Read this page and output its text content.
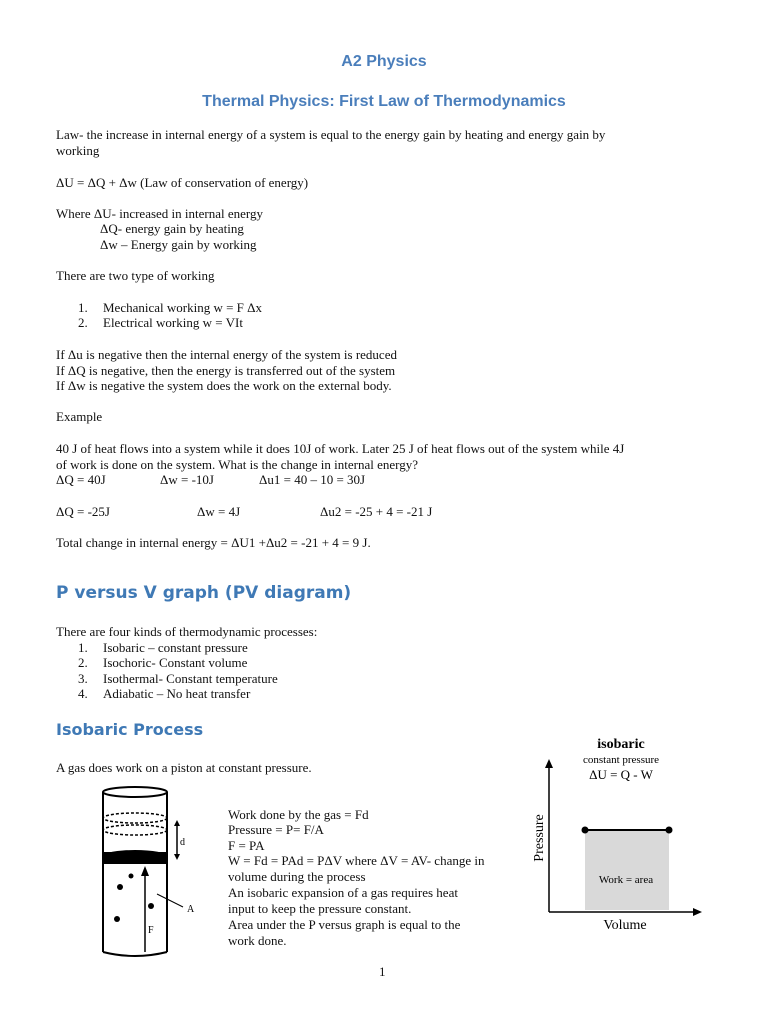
A2 Physics
Thermal Physics: First Law of Thermodynamics
Law- the increase in internal energy of a system is equal to the energy gain by heating and energy gain by
working
ΔU = ΔQ + Δw (Law of conservation of energy)
Where ΔU- increased in internal energy
ΔQ- energy gain by heating
Δw – Energy gain by working
There are two type of working
1. Mechanical working w = F Δx
2. Electrical working w = VIt
If Δu is negative then the internal energy of the system is reduced
If ΔQ is negative, then the energy is transferred out of the system
If Δw is negative the system does the work on the external body.
Example
40 J of heat flows into a system while it does 10J of work. Later 25 J of heat flows out of the system while 4J
of work is done on the system. What is the change in internal energy?
ΔQ = 40J	Δw = -10J	Δu1 = 40 – 10 = 30J
ΔQ = -25J	Δw = 4J	Δu2 = -25 + 4 = -21 J
Total change in internal energy = ΔU1 +Δu2 = -21 + 4 = 9 J.
P versus V graph (PV diagram)
There are four kinds of thermodynamic processes:
1. Isobaric – constant pressure
2. Isochoric- Constant volume
3. Isothermal- Constant temperature
4. Adiabatic – No heat transfer
Isobaric Process
A gas does work on a piston at constant pressure.
d
A
F
Work done by the gas = Fd
Pressure = P= F/A
F = PA
W = Fd = PAd = PΔV where ΔV = AV- change in
volume during the process
An isobaric expansion of a gas requires heat
input to keep the pressure constant.
Area under the P versus graph is equal to the
work done.
isobaric
constant pressure
ΔU = Q - W
Work = area
Pressure
Volume
1
